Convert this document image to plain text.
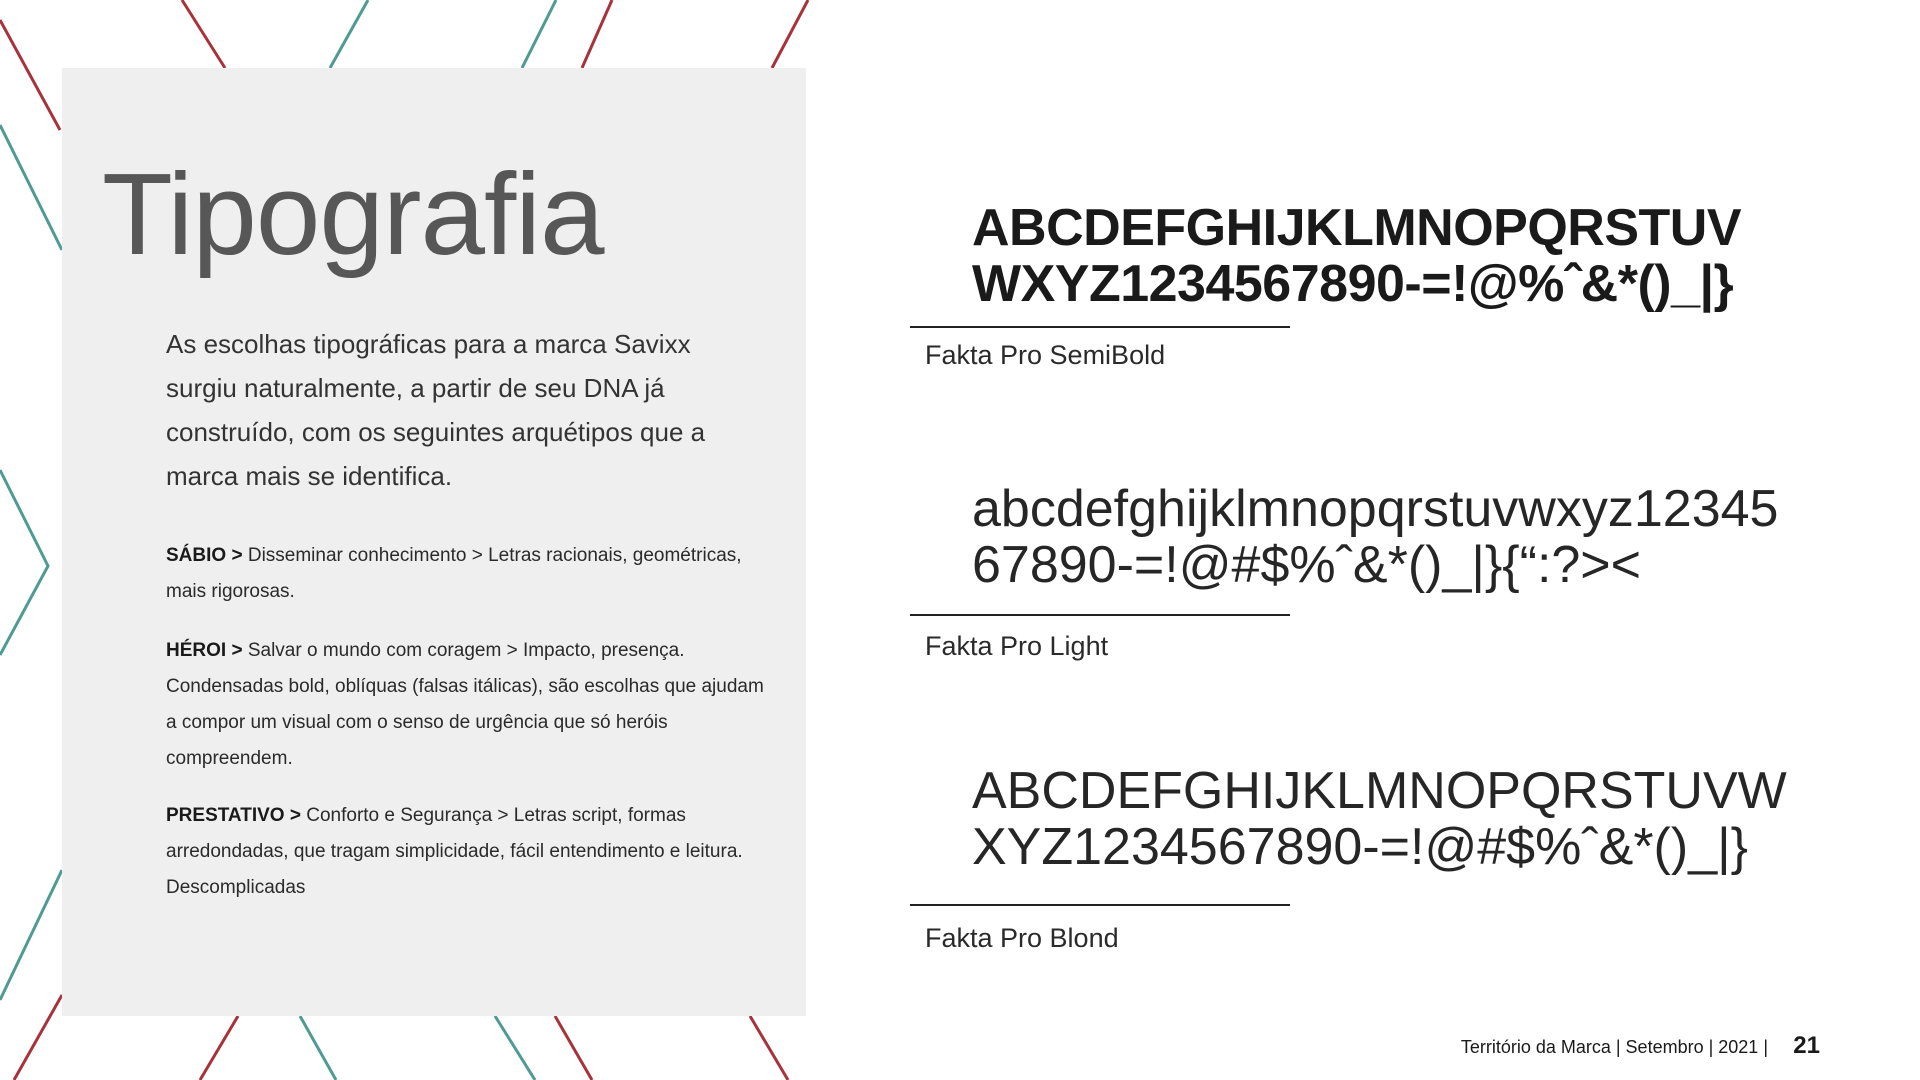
Tipografia

As escolhas tipográficas para a marca Savixx surgiu naturalmente, a partir de seu DNA já construído, com os seguintes arquétipos que a marca mais se identifica.

SÁBIO > Disseminar conhecimento > Letras racionais, geométricas, mais rigorosas.

HÉROI > Salvar o mundo com coragem > Impacto, presença. Condensadas bold, oblíquas (falsas itálicas), são escolhas que ajudam a compor um visual com o senso de urgência que só heróis compreendem.

PRESTATIVO > Conforto e Segurança > Letras script, formas arredondadas, que tragam simplicidade, fácil entendimento e leitura. Descomplicadas

ABCDEFGHIJKLMNOPQRSTUV
WXYZ1234567890-=!@%ˆ&*()_|}
Fakta Pro SemiBold
abcdefghijklmnopqrstuvwxyz12345
67890-=!@#$%ˆ&*()_|}{“:?><
Fakta Pro Light
ABCDEFGHIJKLMNOPQRSTUVW
XYZ1234567890-=!@#$%ˆ&*()_|}
Fakta Pro Blond
Território da Marca | Setembro | 2021 | 21
